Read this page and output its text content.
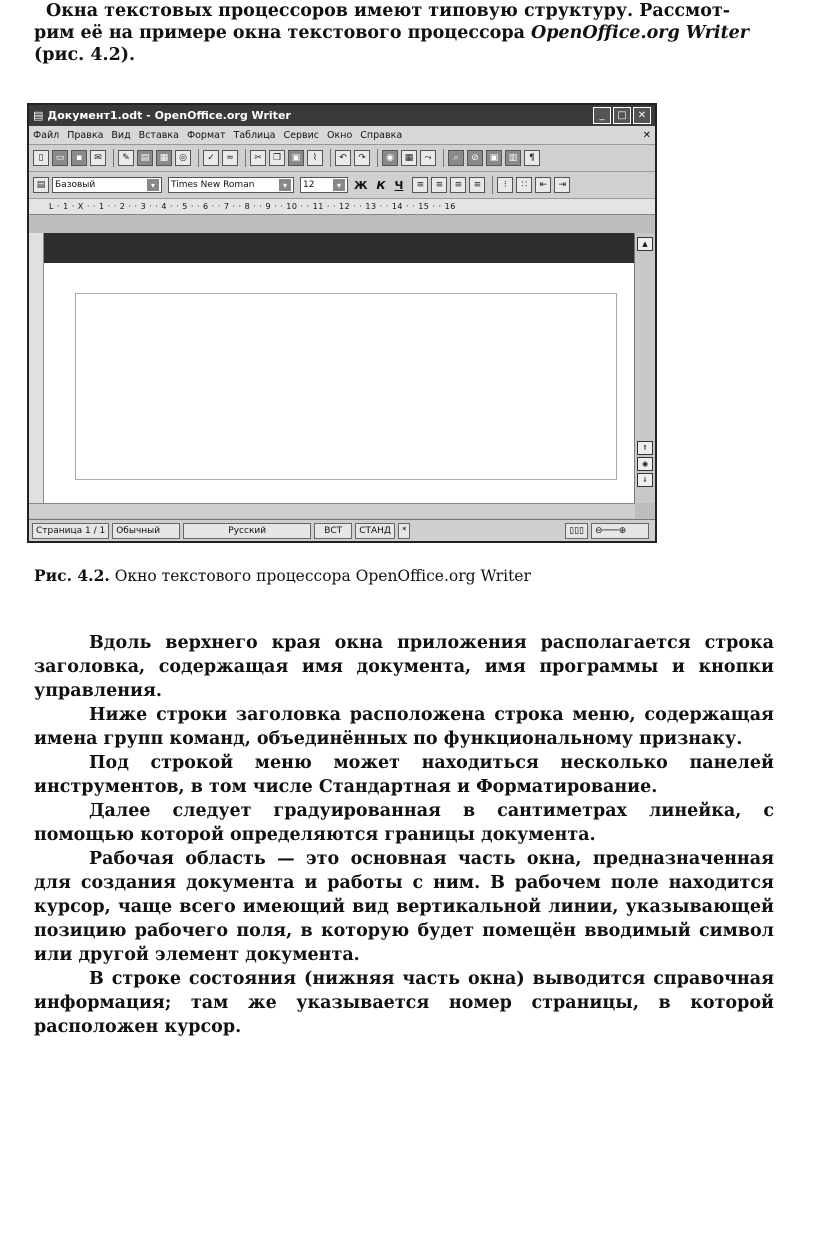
Окна текстовых процессоров имеют типовую структуру. Рассмот-

рим её на примере окна текстового процессора OpenOffice.org Writer

(рис. 4.2).

▤ Документ1.odt - OpenOffice.org Writer	_	□	✕
Файл Правка Вид Вставка Формат Таблица Сервис Окно Справка	✕
▯	▭	▪	✉	✎	▤	▦	◎	✓	≈	✂	❐	▣	⌇	↶	↷	◉	▦	⤳	⌕	⊘	▣	▥	¶
▤	Базовый	▾	Times New Roman	▾	12	▾	Ж К Ч	≡	≡	≡	≡	⁝	∷	⇤	⇥
L · 1 · X · · 1 · · 2 · · 3 · · 4 · · 5 · · 6 · · 7 · · 8 · · 9 · · 10 · · 11 · · 12 · · 13 · · 14 · · 15 · · 16
▲
⇑
◉
⇓
Страница 1 / 1	Обычный	Русский	ВСТ	СТАНД	*	▯▯▯	⊖───⊕

Рис. 4.2. Окно текстового процессора OpenOffice.org Writer

Вдоль верхнего края окна приложения располагается строка заголовка, содержащая имя документа, имя программы и кнопки управления.

Ниже строки заголовка расположена строка меню, содержащая имена групп команд, объединённых по функциональному признаку.

Под строкой меню может находиться несколько панелей инструментов, в том числе Стандартная и Форматирование.

Далее следует градуированная в сантиметрах линейка, с помощью которой определяются границы документа.

Рабочая область — это основная часть окна, предназначенная для создания документа и работы с ним. В рабочем поле находится курсор, чаще всего имеющий вид вертикальной линии, указывающей позицию рабочего поля, в которую будет помещён вводимый символ или другой элемент документа.

В строке состояния (нижняя часть окна) выводится справочная информация; там же указывается номер страницы, в которой расположен курсор.
